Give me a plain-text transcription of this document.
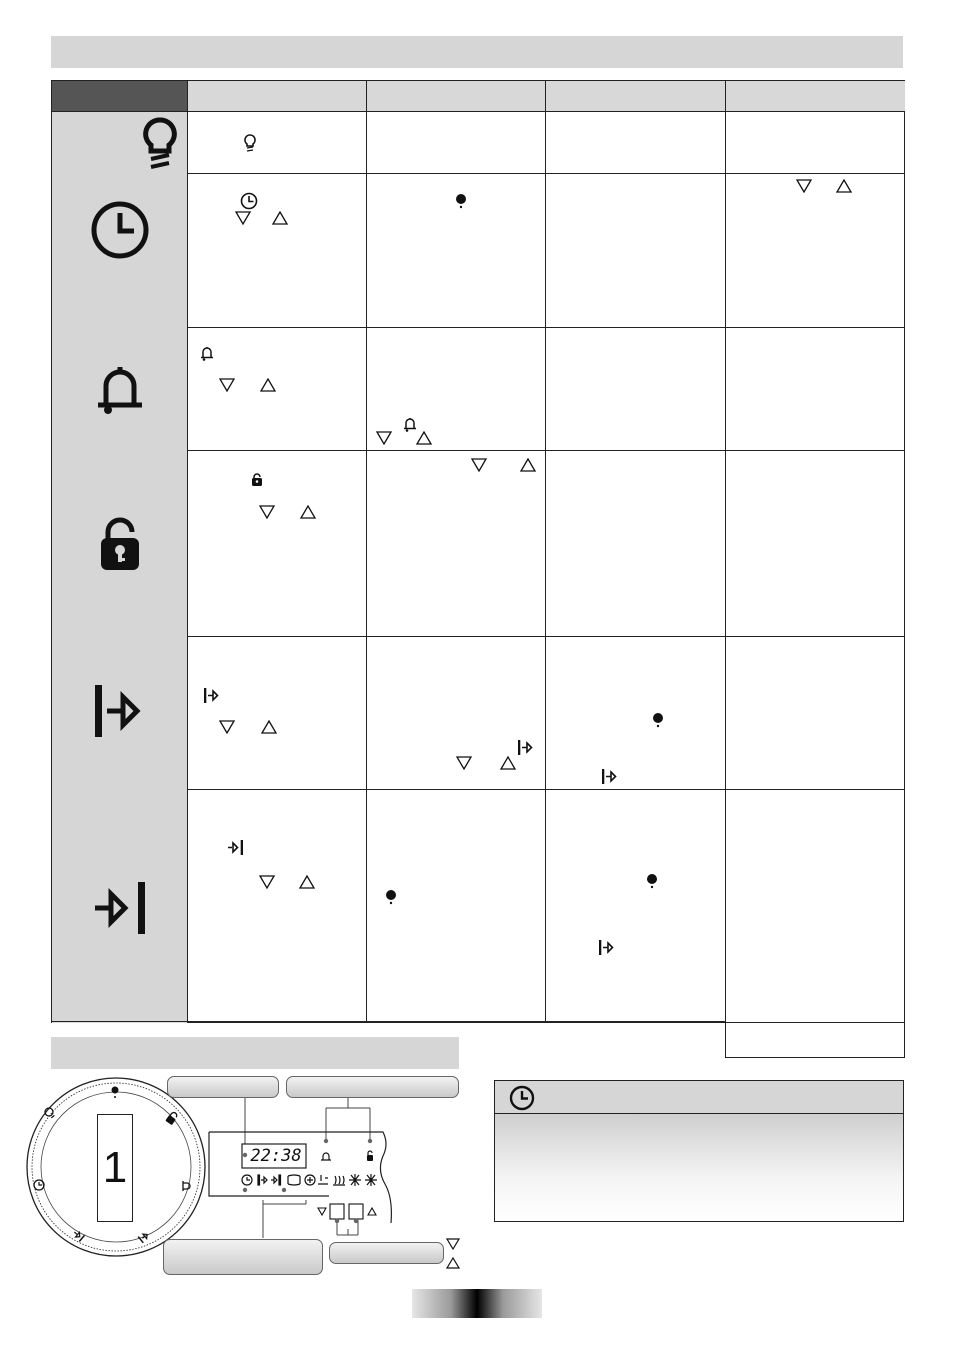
1	22:38
